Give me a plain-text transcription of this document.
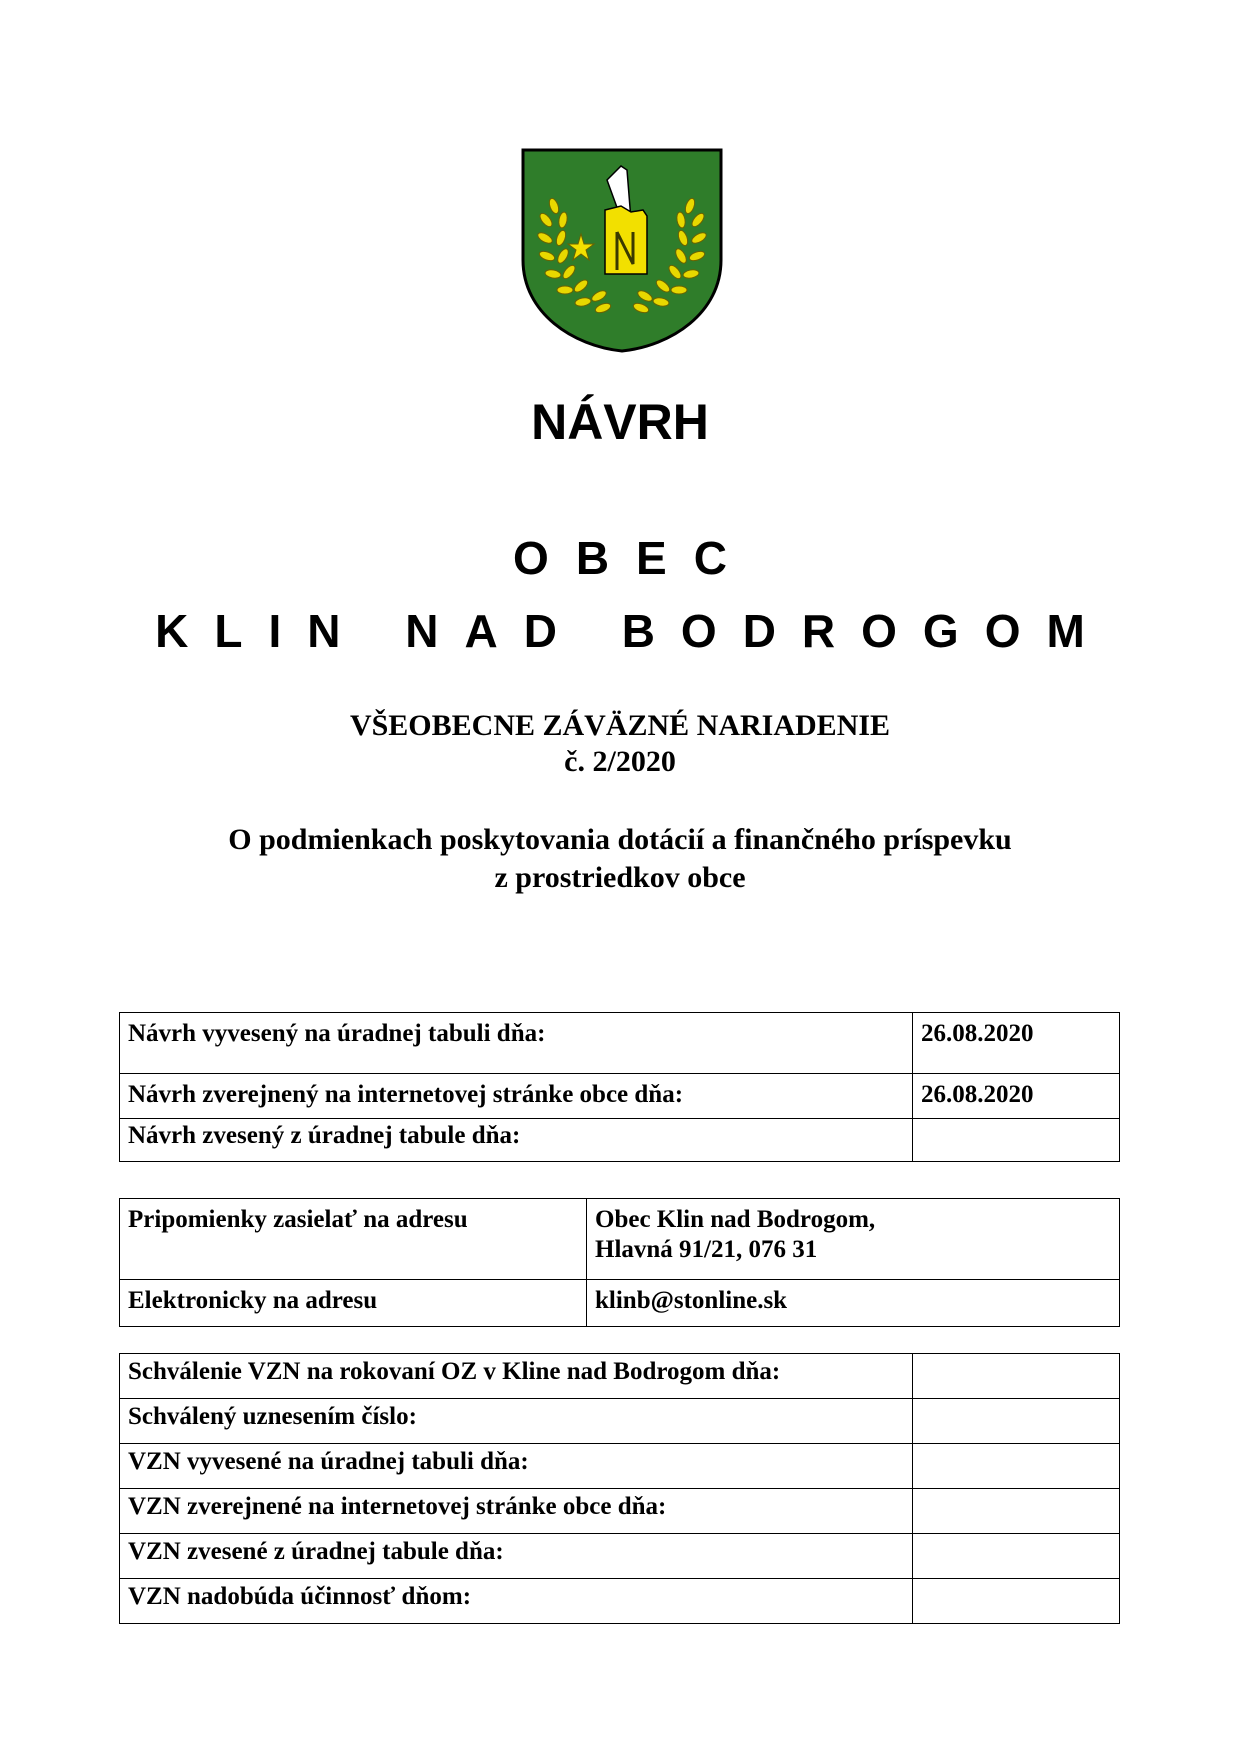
NÁVRH
OBEC
KLIN NAD BODROGOM
VŠEOBECNE ZÁVÄZNÉ NARIADENIE
č. 2/2020
O podmienkach poskytovania dotácií a finančného príspevku
z prostriedkov obce
Návrh vyvesený na úradnej tabuli dňa:	26.08.2020
Návrh zverejnený na internetovej stránke obce dňa:	26.08.2020
Návrh zvesený z úradnej tabule dňa:	
Pripomienky zasielať na adresu	Obec Klin nad Bodrogom,
Hlavná 91/21, 076 31

Elektronicky na adresu	klinb@stonline.sk
Schválenie VZN na rokovaní OZ v Kline nad Bodrogom dňa:	
Schválený uznesením číslo:	
VZN vyvesené na úradnej tabuli dňa:	
VZN zverejnené na internetovej stránke obce dňa:	
VZN zvesené z úradnej tabule dňa:	
VZN nadobúda účinnosť dňom:	
